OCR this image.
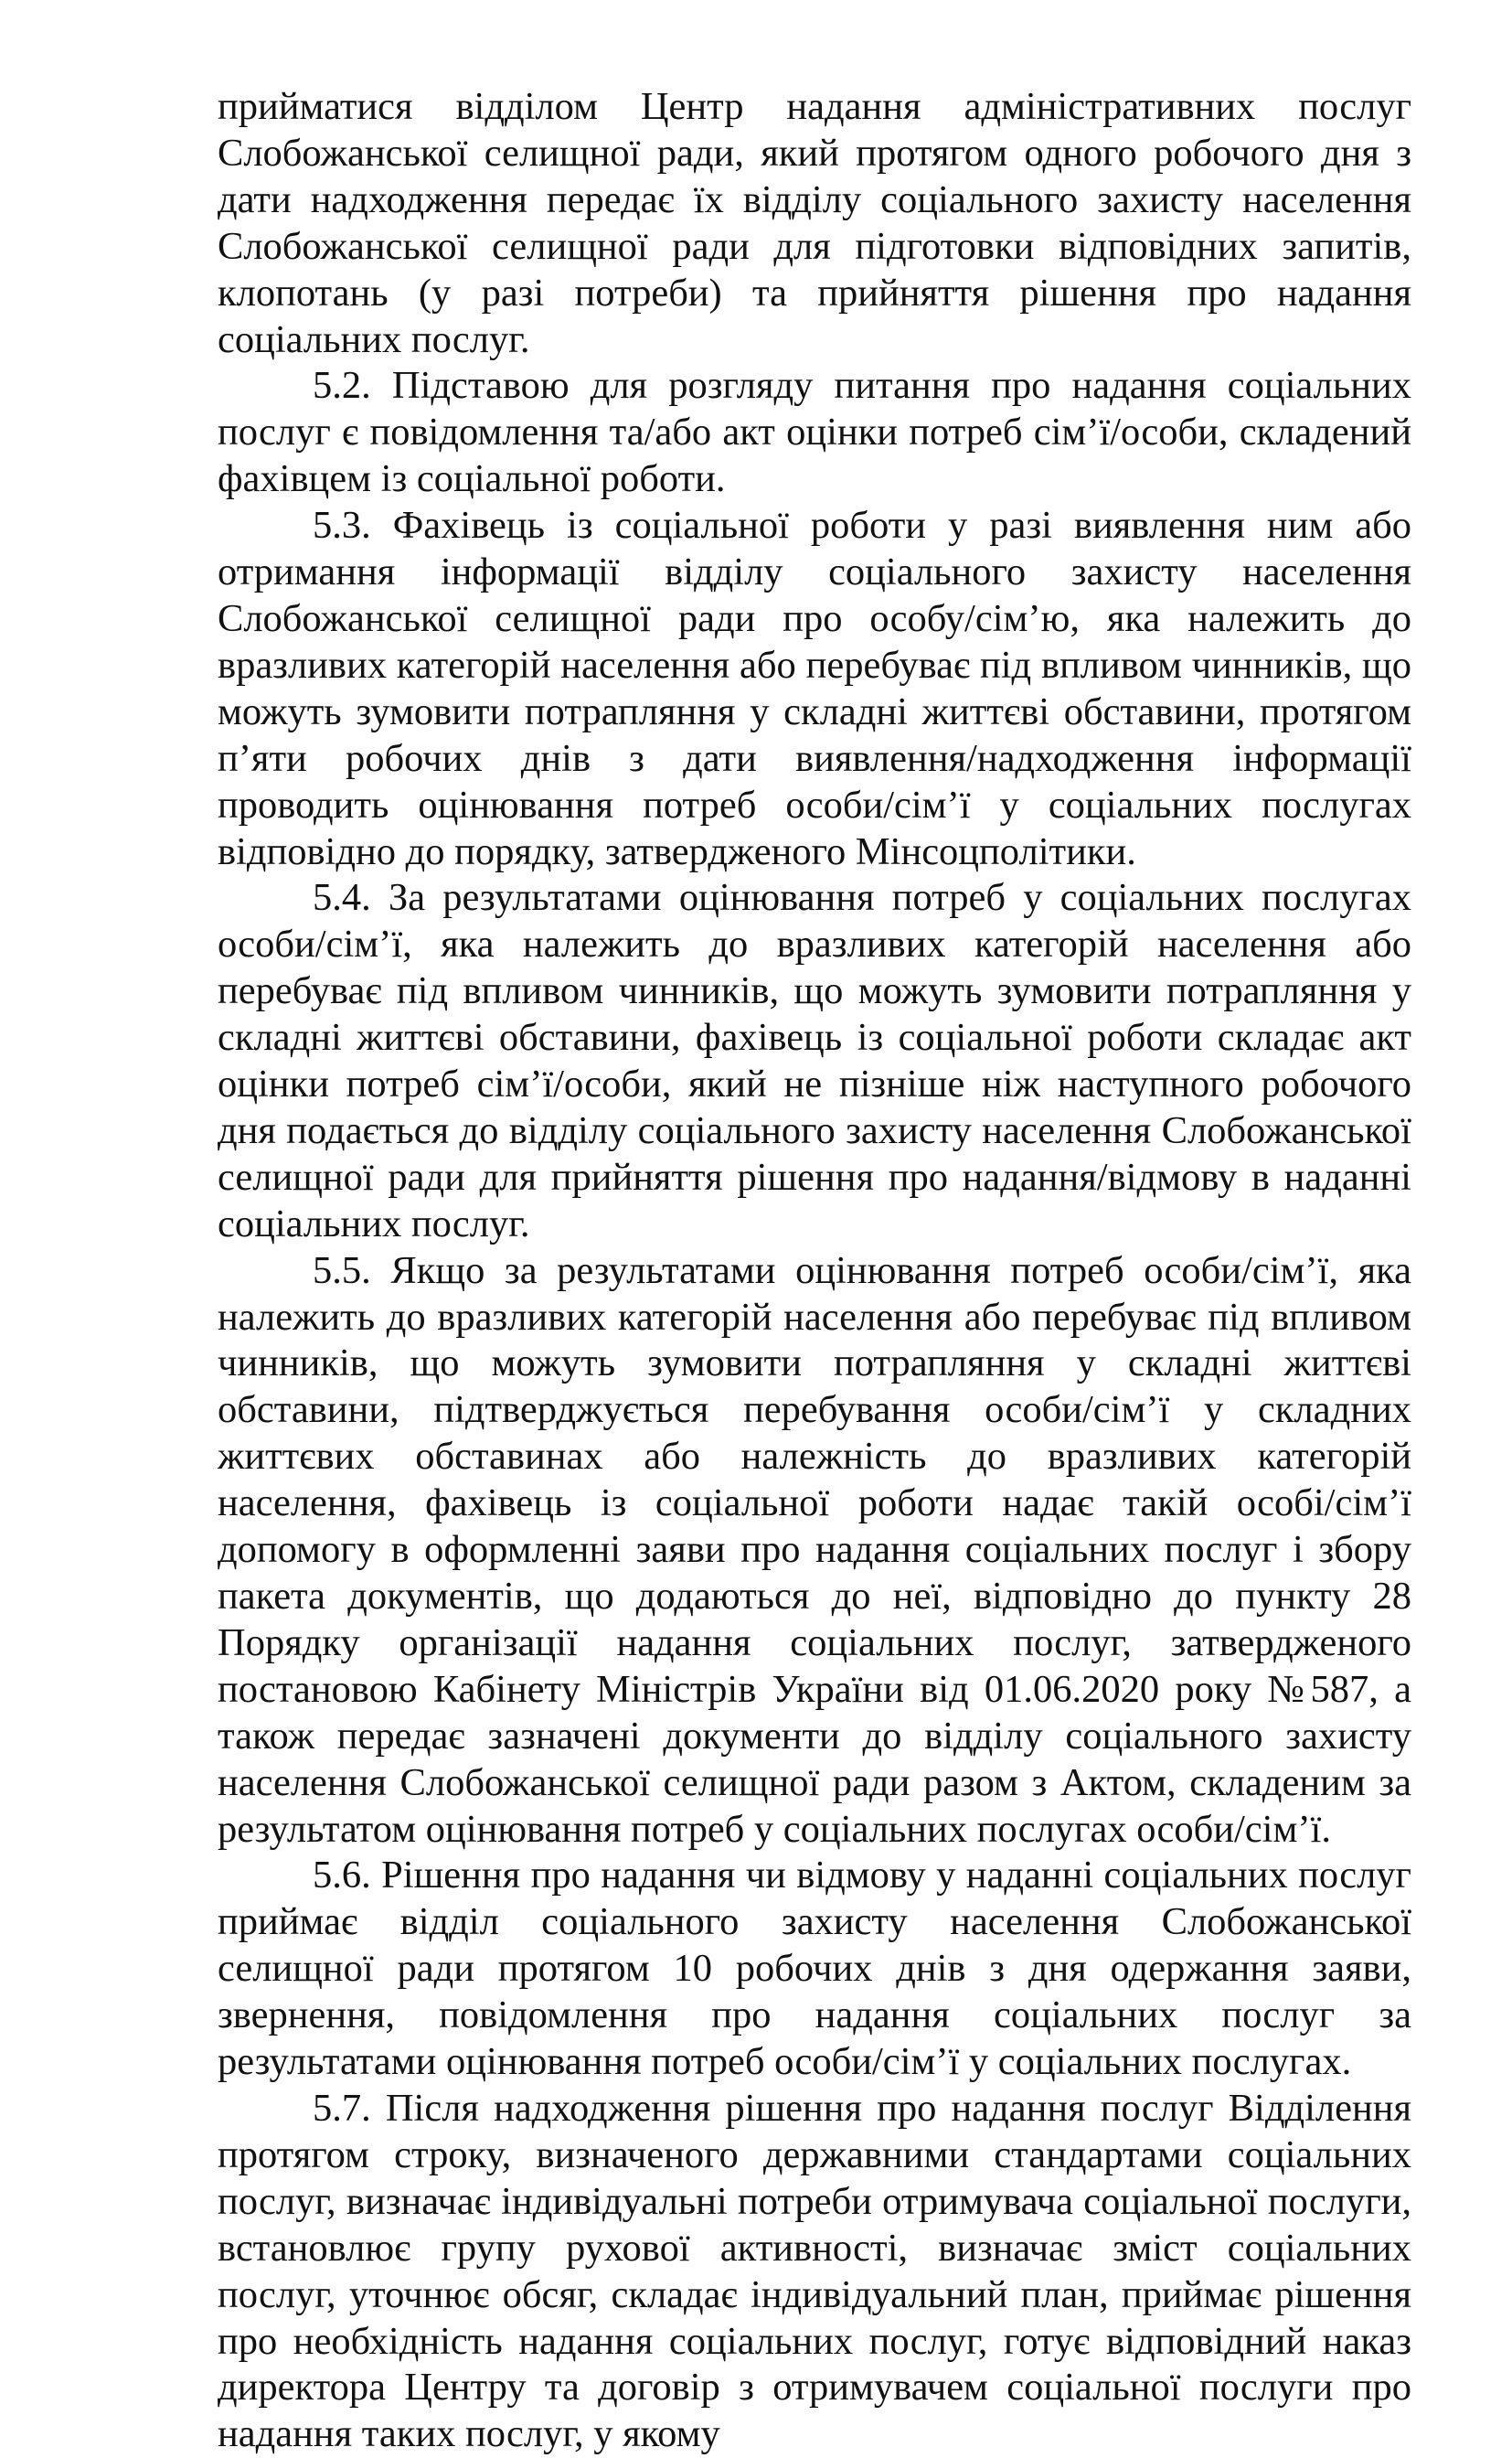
прийматися відділом Центр надання адміністративних послуг Слобожанської селищної ради, який протягом одного робочого дня з дати надходження передає їх відділу соціального захисту населення Слобожанської селищної ради для підготовки відповідних запитів, клопотань (у разі потреби) та прийняття рішення про надання соціальних послуг.

5.2. Підставою для розгляду питання про надання соціальних послуг є повідомлення та/або акт оцінки потреб сім’ї/особи, складений фахівцем із соціальної роботи.

5.3. Фахівець із соціальної роботи у разі виявлення ним або отримання інформації відділу соціального захисту населення Слобожанської селищної ради про особу/сім’ю, яка належить до вразливих категорій населення або перебуває під впливом чинників, що можуть зумовити потрапляння у складні життєві обставини, протягом п’яти робочих днів з дати виявлення/надходження інформації проводить оцінювання потреб особи/сім’ї у соціальних послугах відповідно до порядку, затвердженого Мінсоцполітики.

5.4. За результатами оцінювання потреб у соціальних послугах особи/сім’ї, яка належить до вразливих категорій населення або перебуває під впливом чинників, що можуть зумовити потрапляння у складні життєві обставини, фахівець із соціальної роботи складає акт оцінки потреб сім’ї/особи, який не пізніше ніж наступного робочого дня подається до відділу соціального захисту населення Слобожанської селищної ради для прийняття рішення про надання/відмову в наданні соціальних послуг.

5.5. Якщо за результатами оцінювання потреб особи/сім’ї, яка належить до вразливих категорій населення або перебуває під впливом чинників, що можуть зумовити потрапляння у складні життєві обставини, підтверджується перебування особи/сім’ї у складних життєвих обставинах або належність до вразливих категорій населення, фахівець із соціальної роботи надає такій особі/сім’ї допомогу в оформленні заяви про надання соціальних послуг і збору пакета документів, що додаються до неї, відповідно до пункту 28 Порядку організації надання соціальних послуг, затвердженого постановою Кабінету Міністрів України від 01.06.2020 року №587, а також передає зазначені документи до відділу соціального захисту населення Слобожанської селищної ради разом з Актом, складеним за результатом оцінювання потреб у соціальних послугах особи/сім’ї.

5.6. Рішення про надання чи відмову у наданні соціальних послуг приймає відділ соціального захисту населення Слобожанської селищної ради протягом 10 робочих днів з дня одержання заяви, звернення, повідомлення про надання соціальних послуг за результатами оцінювання потреб особи/сім’ї у соціальних послугах.

5.7. Після надходження рішення про надання послуг Відділення протягом строку, визначеного державними стандартами соціальних послуг, визначає індивідуальні потреби отримувача соціальної послуги, встановлює групу рухової активності, визначає зміст соціальних послуг, уточнює обсяг, складає індивідуальний план, приймає рішення про необхідність надання соціальних послуг, готує відповідний наказ директора Центру та договір з отримувачем соціальної послуги про надання таких послуг, у якому
